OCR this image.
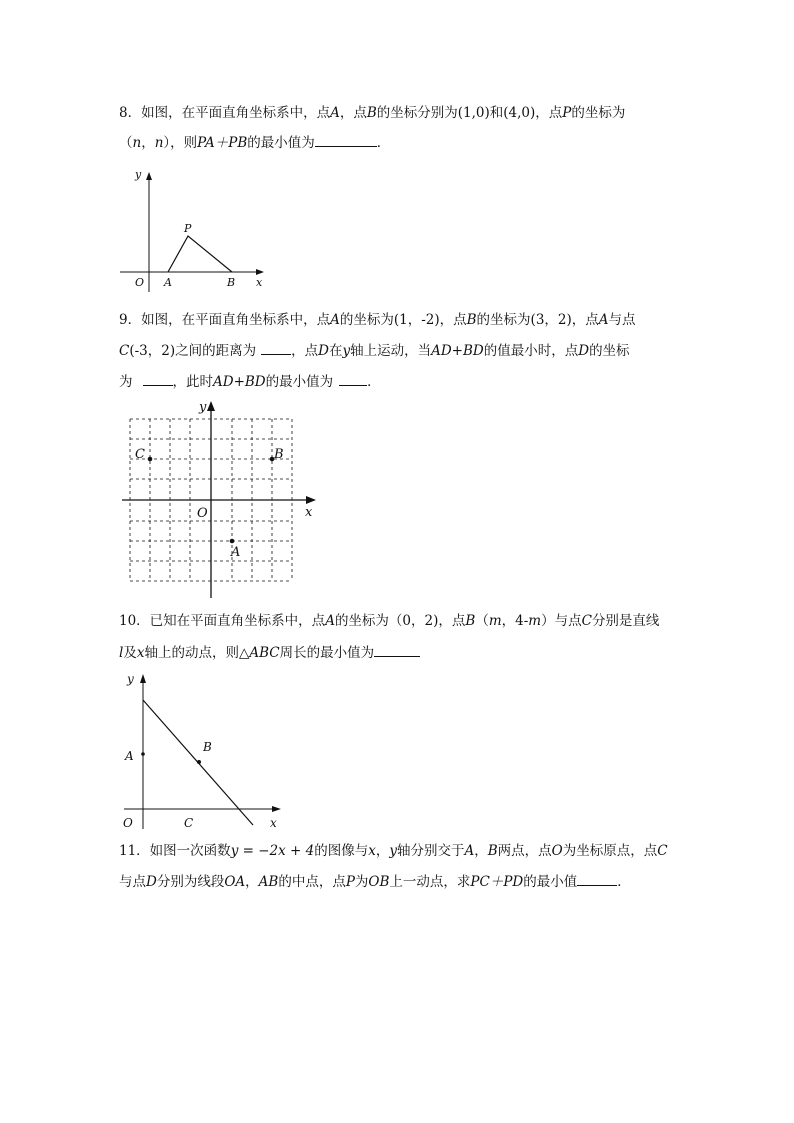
8．如图，在平面直角坐标系中，点A，点B的坐标分别为(1,0)和(4,0)，点P的坐标为
（n，n），则PA＋PB的最小值为	．
y
P
O A	B x
9．如图，在平面直角坐标系中，点A的坐标为(1，-2)，点B的坐标为(3，2)，点A与点
C(-3，2)之间的距离为	，点D在y轴上运动，当AD+BD的值最小时，点D的坐标
为	，此时AD+BD的最小值为	．
y
C	B
O	x
A
10．已知在平面直角坐标系中，点A的坐标为（0，2)，点B（m，4-m）与点C分别是直线
l及x轴上的动点，则△ABC周长的最小值为
y
A
B
O	C	x
11．如图一次函数y = −2x + 4的图像与x，y轴分别交于A，B两点，点O为坐标原点，点C
与点D分别为线段OA，AB的中点，点P为OB上一动点，求PC＋PD的最小值	．
